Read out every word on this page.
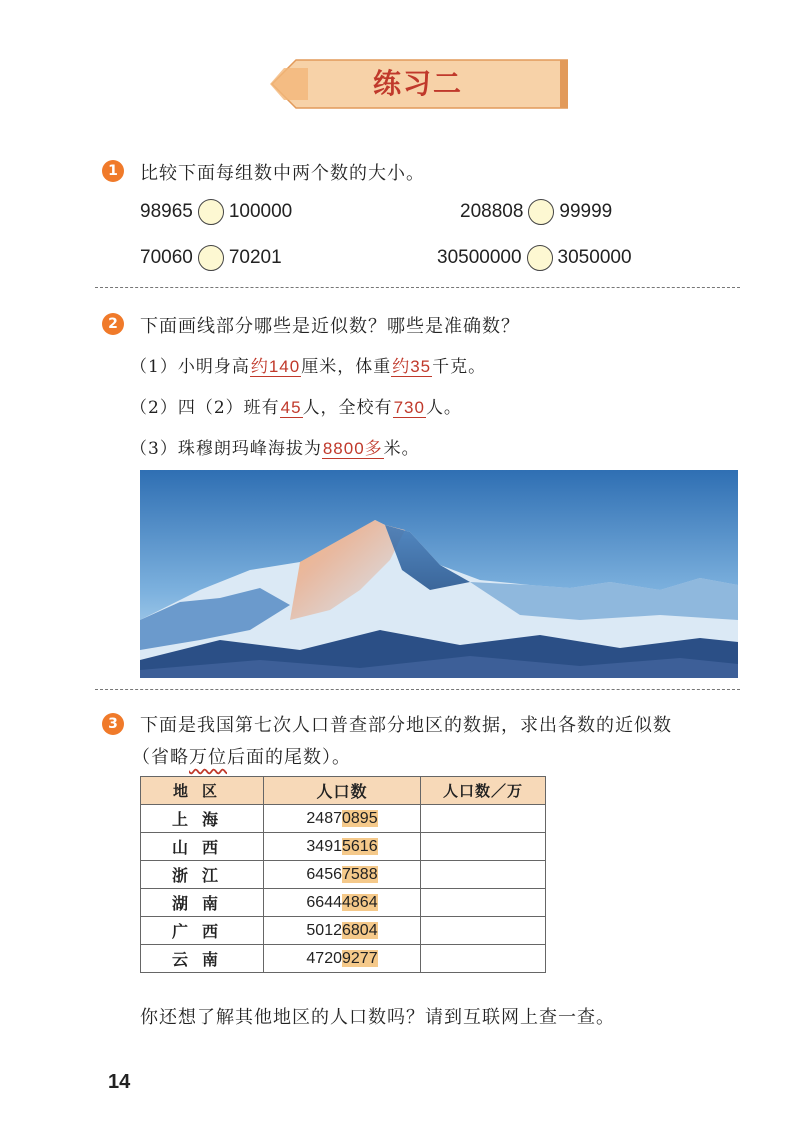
练习二
1	比较下面每组数中两个数的大小。
98965 100000	208808 99999
70060 70201	30500000 3050000
2	下面画线部分哪些是近似数？哪些是准确数？
（1）小明身高约140厘米，体重约35千克。
（2）四（2）班有45人，全校有730人。
（3）珠穆朗玛峰海拔为8800多米。
3	下面是我国第七次人口普查部分地区的数据，求出各数的近似数
（省略万位后面的尾数）。
地区	人口数	人口数／万
上海	24870895	
山西	34915616	
浙江	64567588	
湖南	66444864	
广西	50126804	
云南	47209277	
你还想了解其他地区的人口数吗？请到互联网上查一查。
14
